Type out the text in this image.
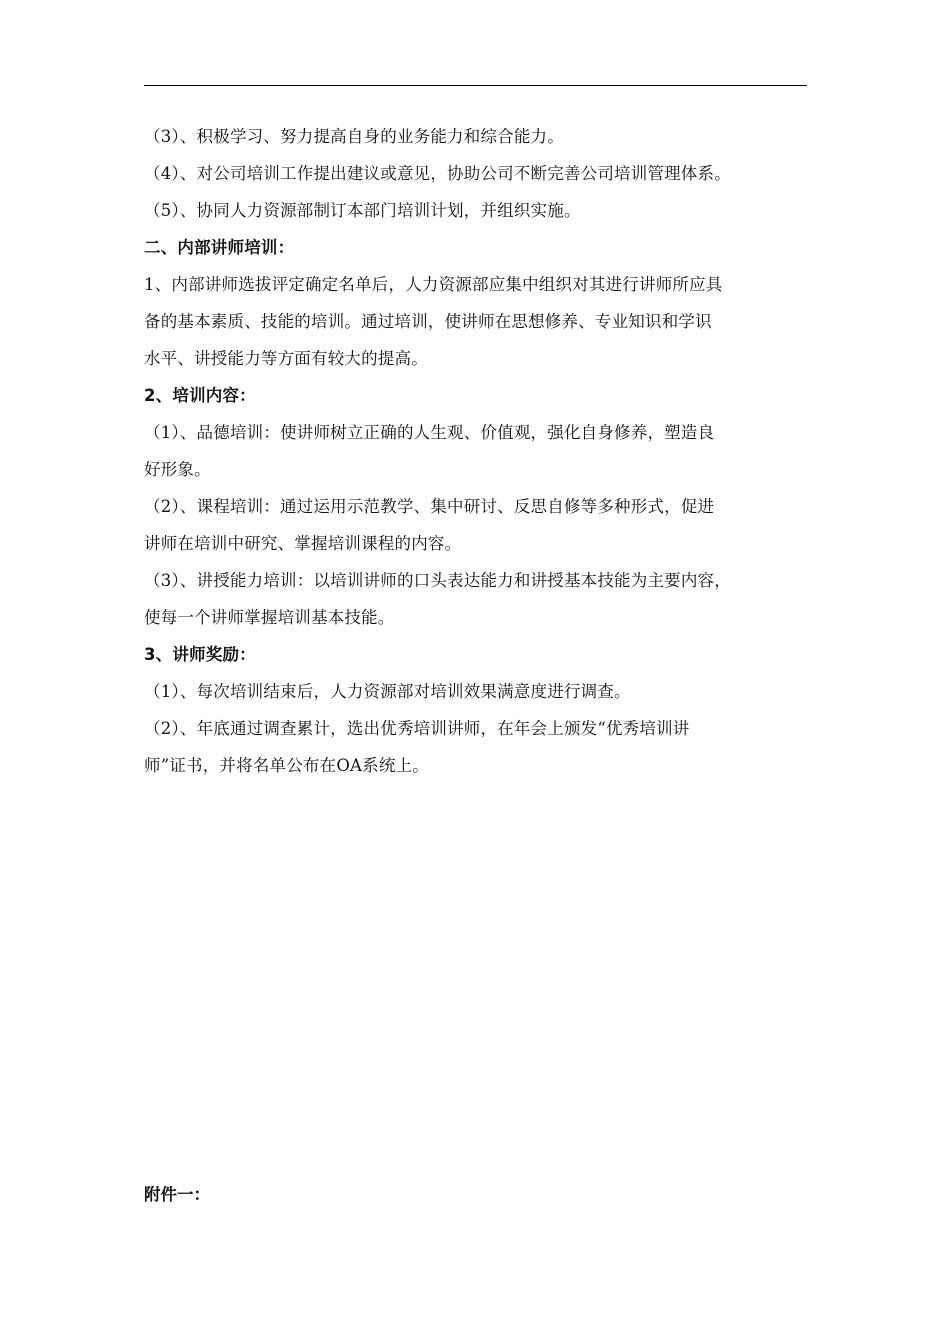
（3）、积极学习、努力提高自身的业务能力和综合能力。
（4）、对公司培训工作提出建议或意见，协助公司不断完善公司培训管理体系。
（5）、协同人力资源部制订本部门培训计划，并组织实施。
二、内部讲师培训：
1、内部讲师选拔评定确定名单后，人力资源部应集中组织对其进行讲师所应具
备的基本素质、技能的培训。通过培训，使讲师在思想修养、专业知识和学识
水平、讲授能力等方面有较大的提高。
2、培训内容：
（1）、品德培训：使讲师树立正确的人生观、价值观，强化自身修养，塑造良
好形象。
（2）、课程培训：通过运用示范教学、集中研讨、反思自修等多种形式，促进
讲师在培训中研究、掌握培训课程的内容。
（3）、讲授能力培训：以培训讲师的口头表达能力和讲授基本技能为主要内容，
使每一个讲师掌握培训基本技能。
3、讲师奖励：
（1）、每次培训结束后，人力资源部对培训效果满意度进行调查。
（2）、年底通过调查累计，选出优秀培训讲师，在年会上颁发“优秀培训讲
师”证书，并将名单公布在OA系统上。
附件一：
